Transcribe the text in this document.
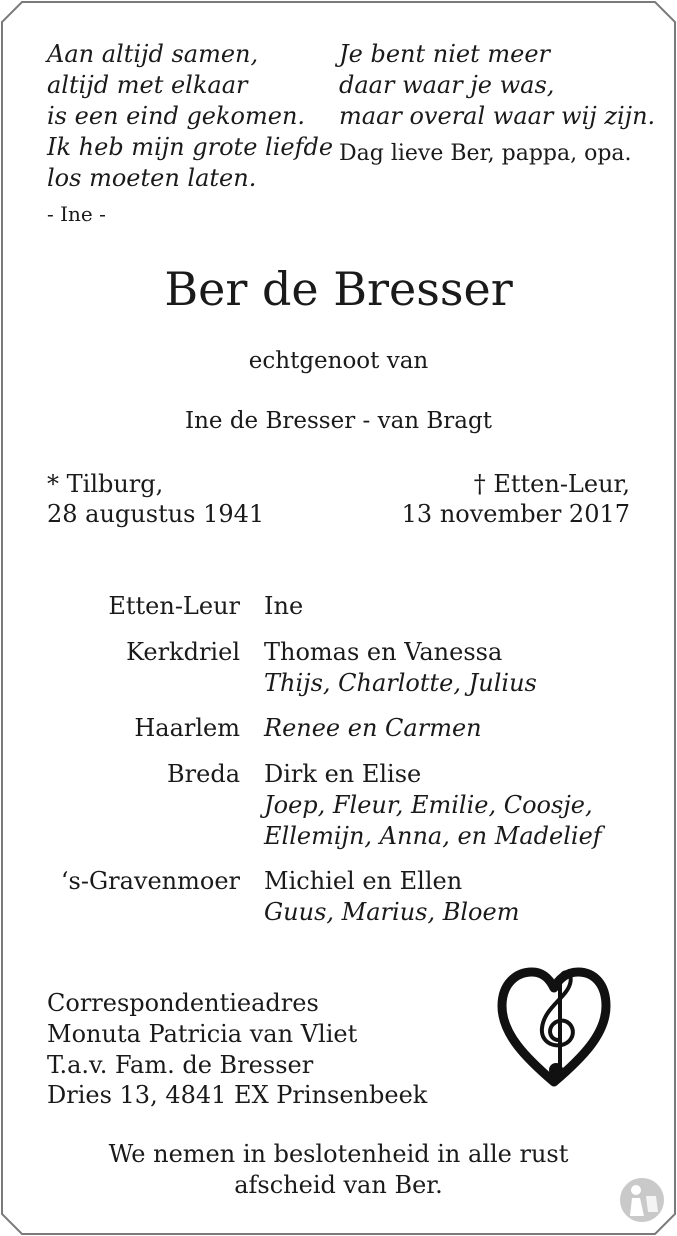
Aan altijd samen,
altijd met elkaar
is een eind gekomen.
Ik heb mijn grote liefde
los moeten laten.
- Ine -
Je bent niet meer
daar waar je was,
maar overal waar wij zijn.
Dag lieve Ber, pappa, opa.
Ber de Bresser
echtgenoot van
Ine de Bresser - van Bragt
* Tilburg,
28 augustus 1941
† Etten-Leur,
13 november 2017
Etten-Leur Ine
Kerkdriel Thomas en Vanessa
Thijs, Charlotte, Julius
Haarlem Renee en Carmen
Breda Dirk en Elise
Joep, Fleur, Emilie, Coosje,
Ellemijn, Anna, en Madelief
‘s-Gravenmoer Michiel en Ellen
Guus, Marius, Bloem
Correspondentieadres
Monuta Patricia van Vliet
T.a.v. Fam. de Bresser
Dries 13, 4841 EX Prinsenbeek
We nemen in beslotenheid in alle rust
afscheid van Ber.
